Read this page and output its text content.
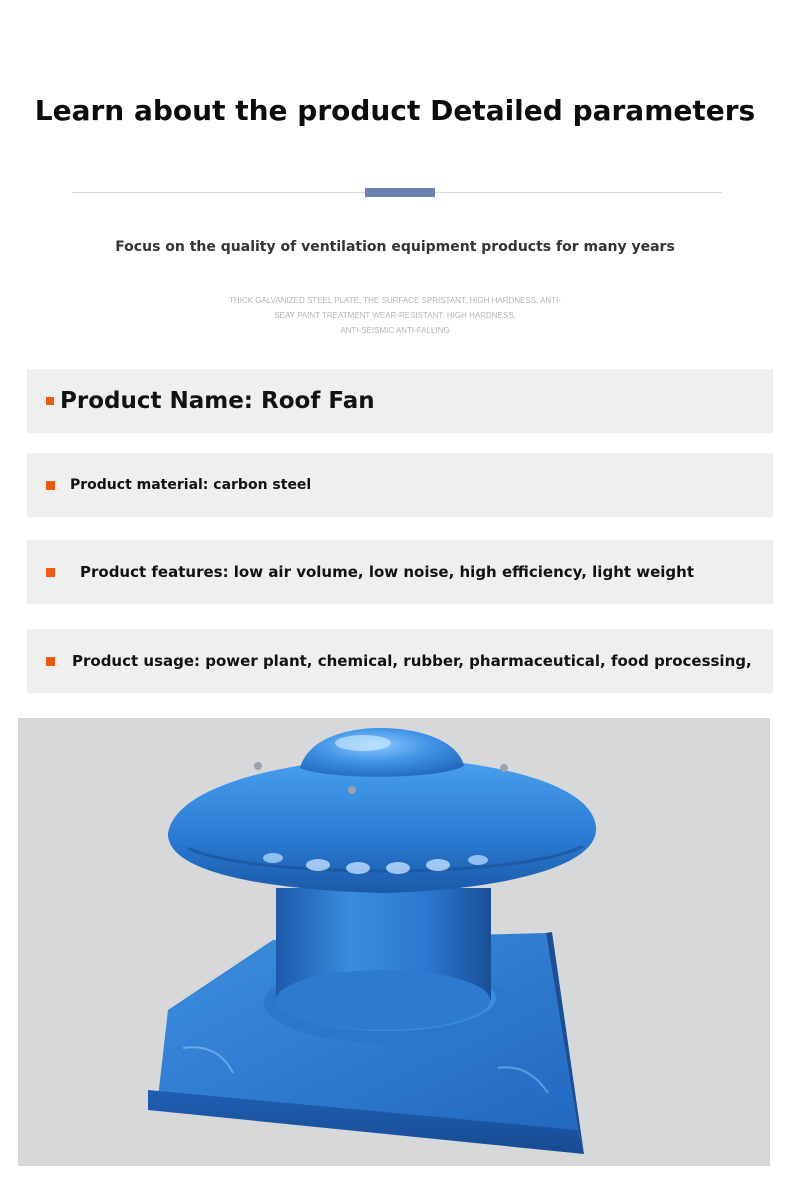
Learn about the product Detailed parameters
Focus on the quality of ventilation equipment products for many years
THICK GALVANIZED STEEL PLATE, THE SURFACE SPRISTANT, HIGH HARDNESS, ANTI-
SEAY PAINT TREATMENT WEAR-RESISTANT, HIGH HARDNESS,
ANTI-SEISMIC ANTI-FALLING
Product Name: Roof Fan
Product material: carbon steel
Product features: low air volume, low noise, high efficiency, light weight
Product usage: power plant, chemical, rubber, pharmaceutical, food processing,
